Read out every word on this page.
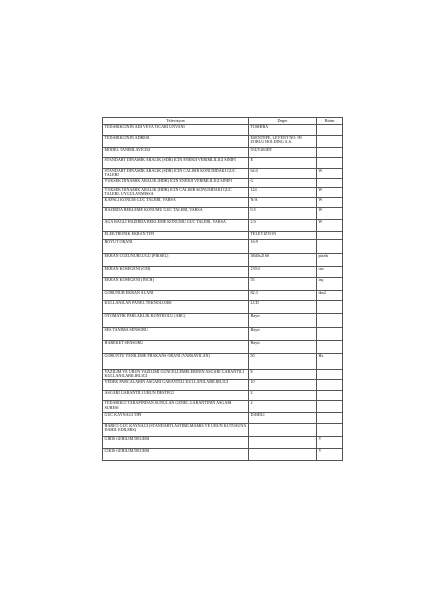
Televizyon	Deger	Birim
TEDARIKCININ ADI VEYA TICARI UNVANI	TOSHIBA	
TEDARIKCININ ADRESI	ESENTEPE, LEVENT NO: 99 ZORLU HOLDING A.S.	
MODEL TANIMLAYICISI	55UV463DT	
STANDART DINAMIK ARALIK (SDR) ICIN ENERJI VERIMLILIGI SINIFI	E	
STANDART DINAMIK ARALIK (SDR) ICIN CALISIR KONUMDAKI GUC TALEBI	64.0	W
YUKSEK DINAMIK ARALIK (HDR) ICIN ENERJI VERIMLILIGI SINIFI	G	
YUKSEK DINAMIK ARALIK (HDR) ICIN CALISIR KONUMDAKI GUC TALEBI, UYGULANMISSA	124	W
KAPALI KONUM GUC TALEBI, VARSA	N/A	W
HAZIRDA BEKLEME KONUMU GUC TALEBI, VARSA	0.5	W
AGA BAGLI HAZIRDA BEKLEME KONUMU GUC TALEBI, VARSA	2.0	W
ELEKTRONIK EKRAN TIPI	TELEVIZYON	
BOYUT ORANI	16:9	
EKRAN COZUNURLUGU (PIKSEL)	3840x2160	pixels
EKRAN KOSEGENI (CM)	139.0	cm
EKRAN KOSEGENI (INCH)	55	inç
GORUNUR EKRAN ALANI	82.3	dm2
KULLANILAN PANEL TEKNOLOJISI	LCD	
OTOMATIK PARLAKLIK KONTROLU (ABC)	Hayir	
SES TANIMA SENSORU	Hayir	
HAREKET SENSORU	Hayir	
GORUNTU YENILEME FRAKANS ORANI (VARSAYILAN)	50	Hz
YAZILIM VE URUN YAZILIMI GUNCELLEMELERININ ASGARI GARANTILI KULLANILABILIRLIGI	8	
YEDEK PARCALARIN ASGARI GARANTILI KULLANILABILIRLIGI	10	
ASGARI GARANTILI URUN DESTEGI	2	
TEDARIKCI TARAFINDAN SUNULAN GENEL GARANTININ ASGARI SURESI	2	
GUC KAYNAGI TIPI	DAHILI	
HARICI GUC KAYNAGI (STANDARTLASTIRILMAMIS VE URUN KUTUSUNA DAHIL EDILMIS)		
GIRIS GERILIM DEGERI		V
CIKIS GERILIM DEGERI		V
